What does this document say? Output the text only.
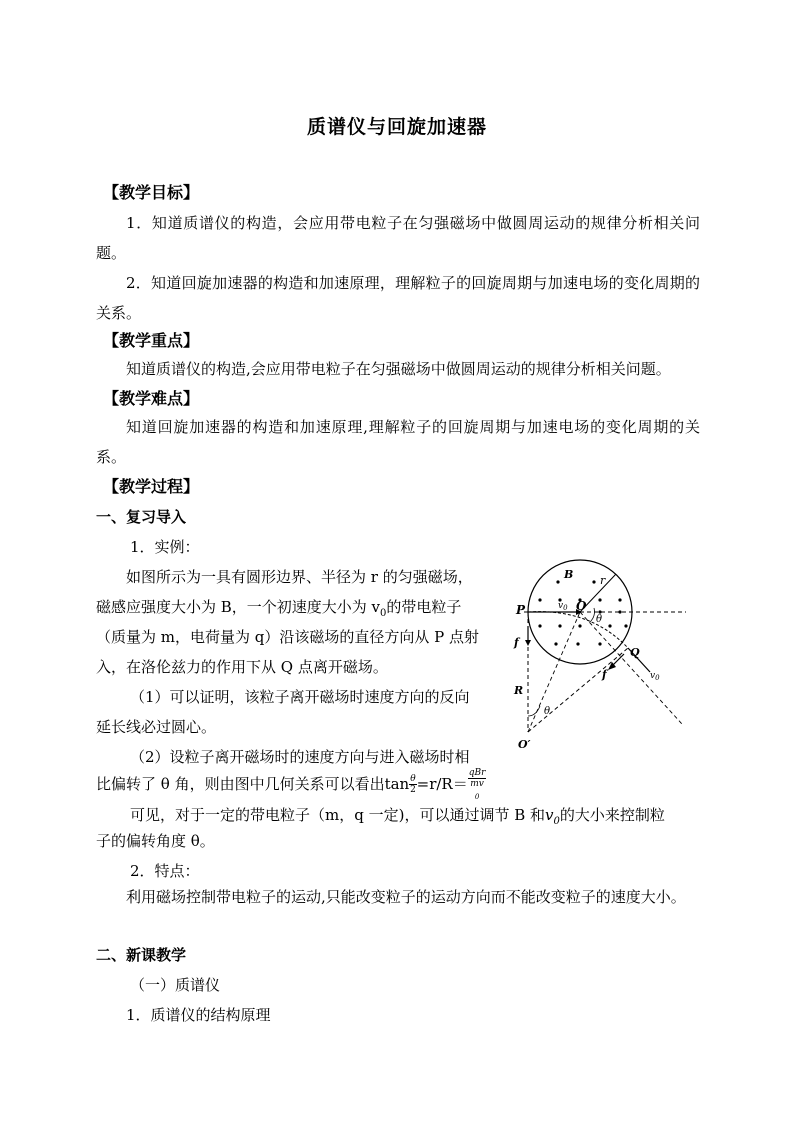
质谱仪与回旋加速器
【教学目标】
1．知道质谱仪的构造，会应用带电粒子在匀强磁场中做圆周运动的规律分析相关问题。
2．知道回旋加速器的构造和加速原理，理解粒子的回旋周期与加速电场的变化周期的关系。
【教学重点】
知道质谱仪的构造,会应用带电粒子在匀强磁场中做圆周运动的规律分析相关问题。
【教学难点】
知道回旋加速器的构造和加速原理,理解粒子的回旋周期与加速电场的变化周期的关系。
【教学过程】
一、复习导入
1．实例：
如图所示为一具有圆形边界、半径为 r 的匀强磁场，
磁感应强度大小为 B，一个初速度大小为 $v_0$的带电粒子
（质量为 m，电荷量为 q）沿该磁场的直径方向从 P 点射
入，在洛伦兹力的作用下从 Q 点离开磁场。
（1）可以证明，该粒子离开磁场时速度方向的反向
延长线必过圆心。
（2）设粒子离开磁场时的速度方向与进入磁场时相
比偏转了 θ 角，则由图中几何关系可以看出$\tan \frac{\theta}{2} =r/R=$ qBr
mv
$_0$
可见，对于一定的带电粒子（m，q 一定)，可以通过调节 B 和$v_0$的大小来控制粒
子的偏转角度 θ。
2．特点：
利用磁场控制带电粒子的运动,只能改变粒子的运动方向而不能改变粒子的速度大小。
二、新课教学
（一）质谱仪
1．质谱仪的结构原理
B r
P	$v_0$ O
θ
f
Q
$v_0$
f
R
θ
O′
